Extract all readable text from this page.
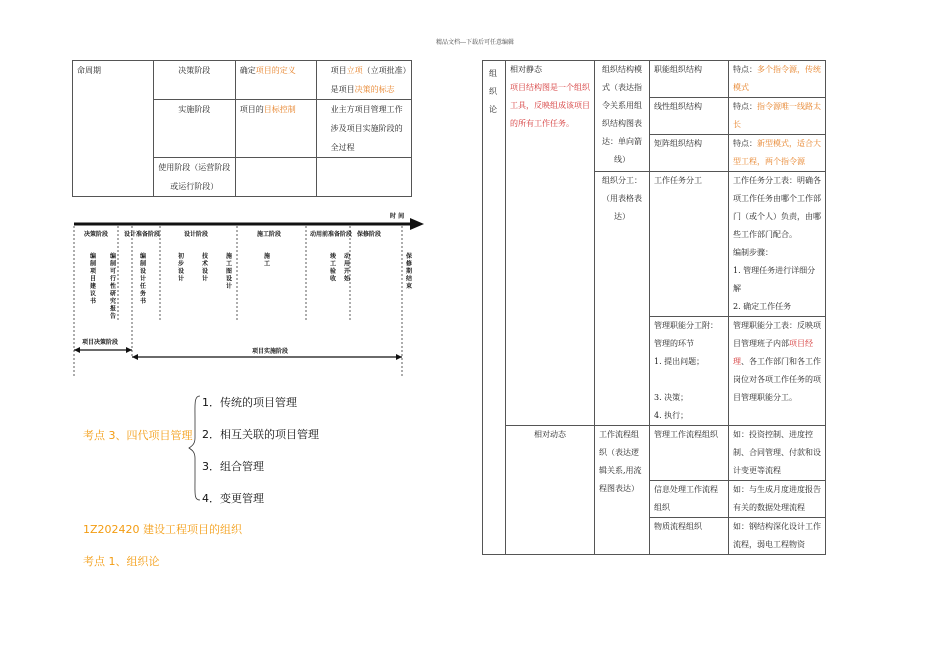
精品文档---下载后可任意编辑
命周期	决策阶段	确定项目的定义	项目立项（立项批准）是项目决策的标志
	实施阶段	项目的目标控制	业主方项目管理工作涉及项目实施阶段的全过程
	使用阶段（运营阶段或运行阶段）		
时 间
决策阶段	设计准备阶段	设计阶段	施工阶段	动用前准备阶段 保修阶段
编制项目建议书
编制可行性研究报告
编制设计任务书
初步设计
技术设计
施工图设计
施工
竣工验收
动用开始
保修期结束
项目决策阶段
项目实施阶段
考点 3、四代项目管理
1．传统的项目管理
2．相互关联的项目管理
3．组合管理
4．变更管理
1Z202420 建设工程项目的组织
考点 1、组织论
组织论	相对静态
项目结构图是一个组织工具，反映组成该项目的所有工作任务。	组织结构模式（表达指令关系用组织结构图表达：单向箭线）	职能组织结构	特点：多个指令源，传统模式
			线性组织结构	特点：指令源唯一线路太长
			矩阵组织结构	特点：新型模式，适合大型工程，两个指令源
		组织分工：（用表格表达）	工作任务分工	工作任务分工表：明确各项工作任务由哪个工作部门（或个人）负责，由哪些工作部门配合。
编制步骤：
1. 管理任务进行详细分解
2. 确定工作任务

			管理职能分工附：管理的环节
1. 提出问题；
3. 决策；
4. 执行；	管理职能分工表：反映项目管理班子内部项目经理、各工作部门和各工作岗位对各项工作任务的项目管理职能分工。
	相对动态	工作流程组织（表达逻辑关系,用流程图表达）	管理工作流程组织	如：投资控制、进度控制、合同管理、付款和设计变更等流程
			信息处理工作流程组织	如：与生成月度进度报告有关的数据处理流程
			物质流程组织	如：钢结构深化设计工作流程，弱电工程物资
